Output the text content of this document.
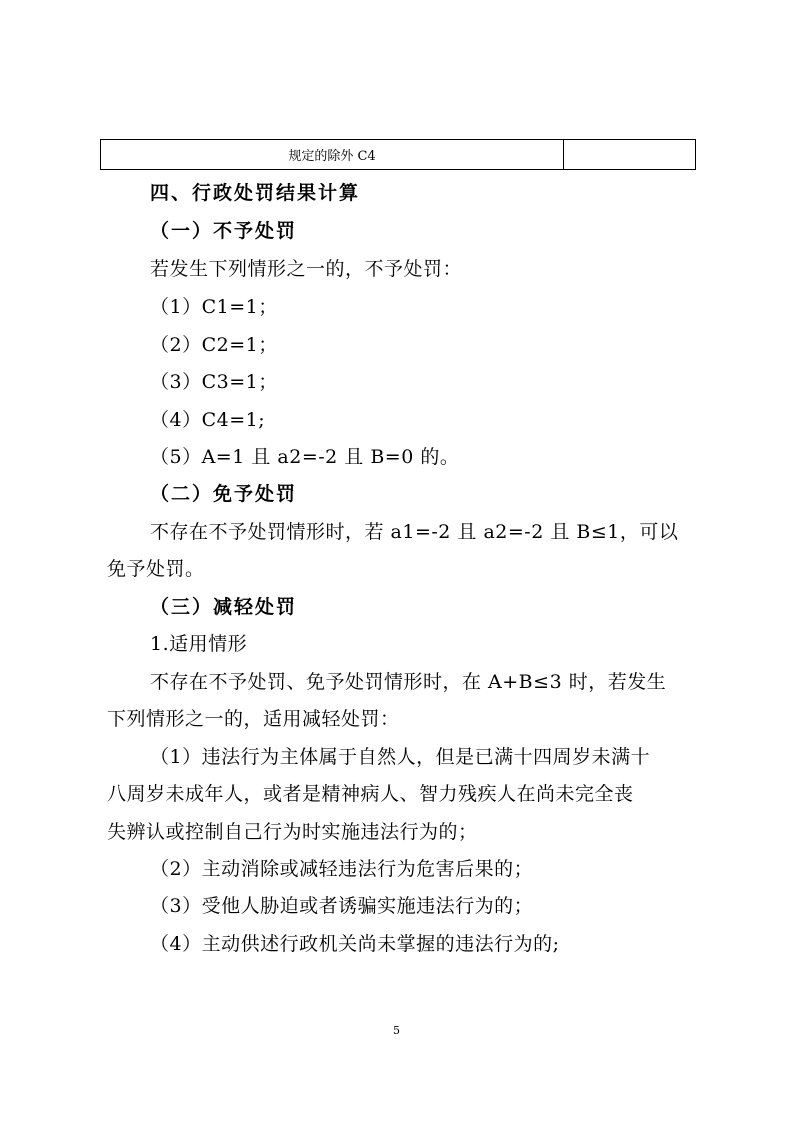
规定的除外 C4	
四、行政处罚结果计算
（一）不予处罚
若发生下列情形之一的，不予处罚：
（1）C1=1；
（2）C2=1；
（3）C3=1；
（4）C4=1;
（5）A=1 且 a2=-2 且 B=0 的。
（二）免予处罚
不存在不予处罚情形时，若 a1=-2 且 a2=-2 且 B≤1，可以
免予处罚。
（三）减轻处罚
1.适用情形
不存在不予处罚、免予处罚情形时，在 A+B≤3 时，若发生
下列情形之一的，适用减轻处罚：
（1）违法行为主体属于自然人，但是已满十四周岁未满十
八周岁未成年人，或者是精神病人、智力残疾人在尚未完全丧
失辨认或控制自己行为时实施违法行为的；
（2）主动消除或减轻违法行为危害后果的；
（3）受他人胁迫或者诱骗实施违法行为的；
（4）主动供述行政机关尚未掌握的违法行为的;
5
